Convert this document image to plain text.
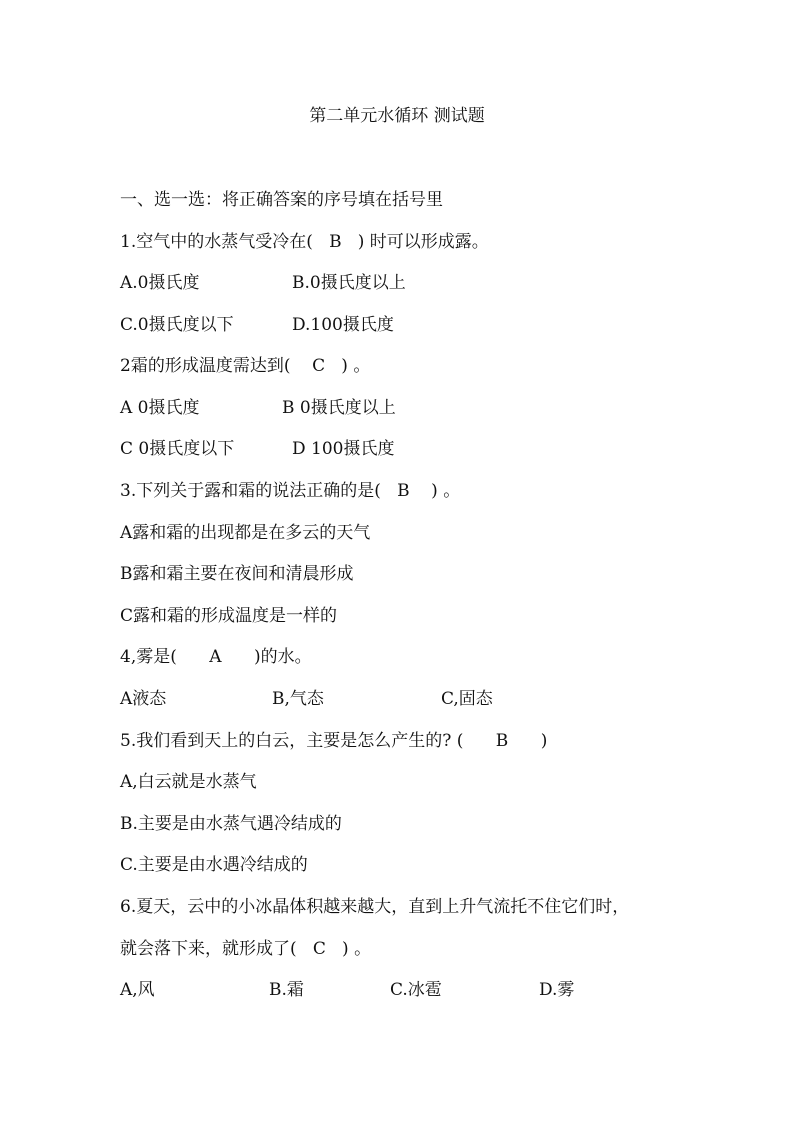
第二单元水循环 测试题
一、选一选：将正确答案的序号填在括号里
1.空气中的水蒸气受冷在(   B   ) 时可以形成露。
A.0摄氏度	B.0摄氏度以上
C.0摄氏度以下	D.100摄氏度
2霜的形成温度需达到(    C   ) 。
A 0摄氏度	B 0摄氏度以上
C 0摄氏度以下	D 100摄氏度
3.下列关于露和霜的说法正确的是(   B    ) 。
A露和霜的出现都是在多云的天气
B露和霜主要在夜间和清晨形成
C露和霜的形成温度是一样的
4,雾是(      A      )的水。
A液态	B,气态	C,固态
5.我们看到天上的白云，主要是怎么产生的? (      B      )
A,白云就是水蒸气
B.主要是由水蒸气遇冷结成的
C.主要是由水遇冷结成的
6.夏天，云中的小冰晶体积越来越大，直到上升气流托不住它们时，
就会落下来，就形成了(   C   ) 。
A,风	B.霜	C.冰雹	D.雾
